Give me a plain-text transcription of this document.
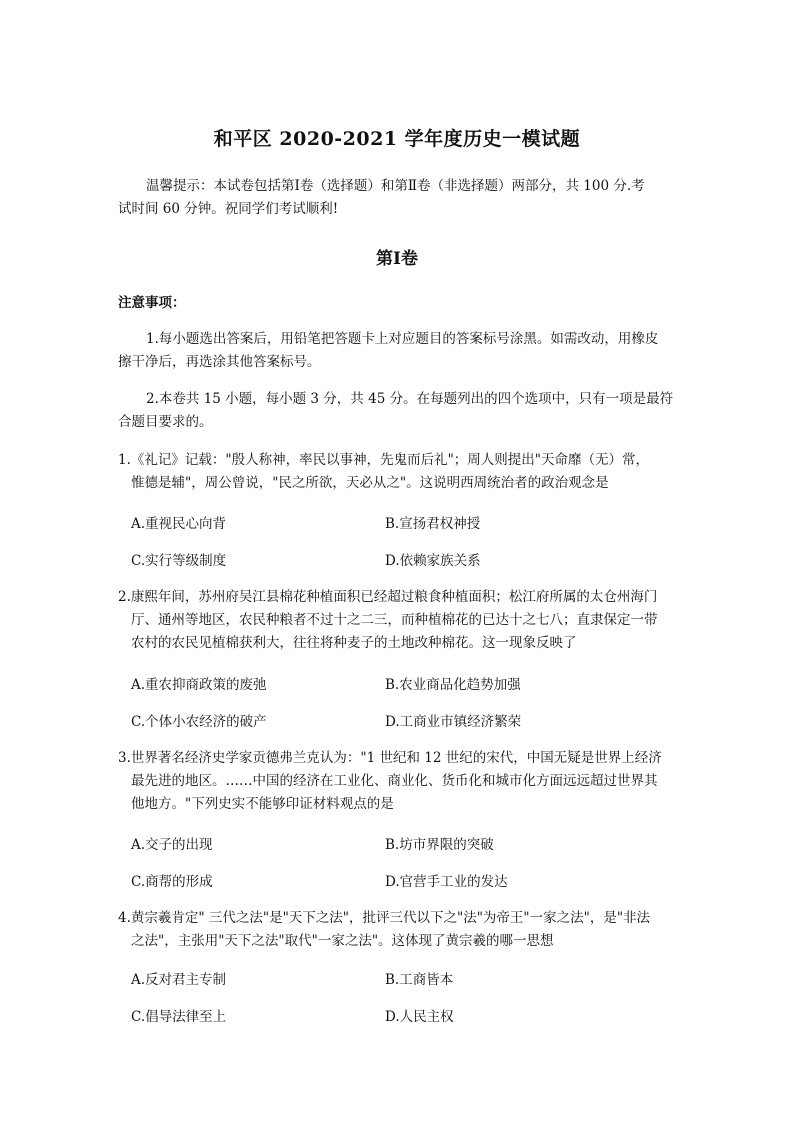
和平区 2020-2021 学年度历史一模试题
温馨提示：本试卷包括第Ⅰ卷（选择题）和第Ⅱ卷（非选择题）两部分，共 100 分.考
试时间 60 分钟。祝同学们考试顺利!
第Ⅰ卷
注意事项：
1.每小题选出答案后，用铅笔把答题卡上对应题目的答案标号涂黑。如需改动，用橡皮
擦干净后，再选涂其他答案标号。
2.本卷共 15 小题，每小题 3 分，共 45 分。在每题列出的四个选项中，只有一项是最符
合题目要求的。
1.《礼记》记载："殷人称神，率民以事神，先鬼而后礼"；周人则提出"天命靡（无）常，
惟德是辅"，周公曾说，"民之所欲，天必从之"。这说明西周统治者的政治观念是
A.重视民心向背	B.宣扬君权神授
C.实行等级制度	D.依赖家族关系
2.康熙年间，苏州府吴江县棉花种植面积已经超过粮食种植面积；松江府所属的太仓州海门
厅、通州等地区，农民种粮者不过十之二三，而种植棉花的已达十之七八；直隶保定一带
农村的农民见植棉获利大，往往将种麦子的土地改种棉花。这一现象反映了
A.重农抑商政策的废弛	B.农业商品化趋势加强
C.个体小农经济的破产	D.工商业市镇经济繁荣
3.世界著名经济史学家贡德弗兰克认为："1 世纪和 12 世纪的宋代，中国无疑是世界上经济
最先进的地区。……中国的经济在工业化、商业化、货币化和城市化方面远远超过世界其
他地方。"下列史实不能够印证材料观点的是
A.交子的出现	B.坊市界限的突破
C.商帮的形成	D.官营手工业的发达
4.黄宗羲肯定" 三代之法"是"天下之法"，批评三代以下之"法"为帝王"一家之法"，是"非法
之法"，主张用"天下之法"取代"一家之法"。这体现了黄宗羲的哪一思想
A.反对君主专制	B.工商皆本
C.倡导法律至上	D.人民主权
